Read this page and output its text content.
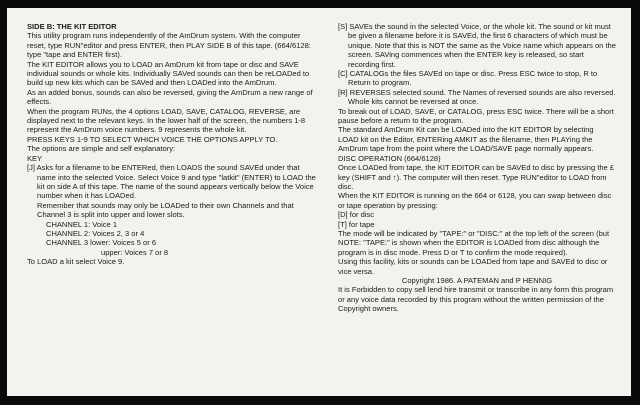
SIDE B: THE KIT EDITOR

This utility program runs independently of the AmDrum system. With the computer reset, type RUN"editor and press ENTER, then PLAY SIDE B of this tape. (664/6128: type "tape and ENTER first).

The KIT EDITOR allows you to LOAD an AmDrum kit from tape or disc and SAVE individual sounds or whole kits. Individually SAVed sounds can then be reLOADed to build up new kits which can be SAVed and then LOADed into the AmDrum.

As an added bonus, sounds can also be reversed, giving the AmDrum a new range of effects.

When the program RUNs, the 4 options LOAD, SAVE, CATALOG, REVERSE, are displayed next to the relevant keys. In the lower half of the screen, the numbers 1-8 represent the AmDrum voice numbers. 9 represents the whole kit.

PRESS KEYS 1-9 TO SELECT WHICH VOICE THE OPTIONS APPLY TO.

The options are simple and self explanatory:

KEY

[J] Asks for a filename to be ENTERed, then LOADS the sound SAVEd under that name into the selected Voice. Select Voice 9 and type "latkit" (ENTER) to LOAD the kit on side A of this tape. The name of the sound appears vertically below the Voice number when it has LOADed.

Remember that sounds may only be LOADed to their own Channels and that Channel 3 is split into upper and lower slots.

CHANNEL 1: Voice 1

CHANNEL 2: Voices 2, 3 or 4

CHANNEL 3 lower: Voices 5 or 6

upper: Voices 7 or 8

To LOAD a kit select Voice 9.

[S] SAVEs the sound in the selected Voice, or the whole kit. The sound or kit must be given a filename before it is SAVEd, the first 6 characters of which must be unique. Note that this is NOT the same as the Voice name which appears on the screen. SAVing commences when the ENTER key is released, so start recording first.

[C] CATALOGs the files SAVEd on tape or disc. Press ESC twice to stop, R to Return to program.

[R] REVERSES selected sound. The Names of reversed sounds are also reversed. Whole kits cannot be reversed at once.

To break out of LOAD, SAVE, or CATALOG, press ESC twice. There will be a short pause before a return to the program.

The standard AmDrum Kit can be LOADed into the KIT EDITOR by selecting LOAD kit on the Editor, ENTERing AMKIT as the filename, then PLAYing the AmDrum tape from the point where the LOAD/SAVE page normally appears.

DISC OPERATION (664/6128)

Once LOADed from tape, the KIT EDITOR can be SAVEd to disc by pressing the £ key (SHIFT and ↑). The computer will then reset. Type RUN"editor to LOAD from disc.

When the KIT EDITOR is running on the 664 or 6128, you can swap between disc or tape operation by pressing:

[D] for disc

[T] for tape

The mode will be indicated by "TAPE:" or "DISC:" at the top left of the screen (but NOTE: "TAPE:" is shown when the EDITOR is LOADed from disc although the program is in disc mode. Press D or T to confirm the mode required).

Using this facility, kits or sounds can be LOADed from tape and SAVEd to disc or vice versa.

Copyright 1986. A PATEMAN and P HENNIG

It is Forbidden to copy sell lend hire transmit or transcribe in any form this program or any voice data recorded by this program without the written permission of the Copyright owners.
